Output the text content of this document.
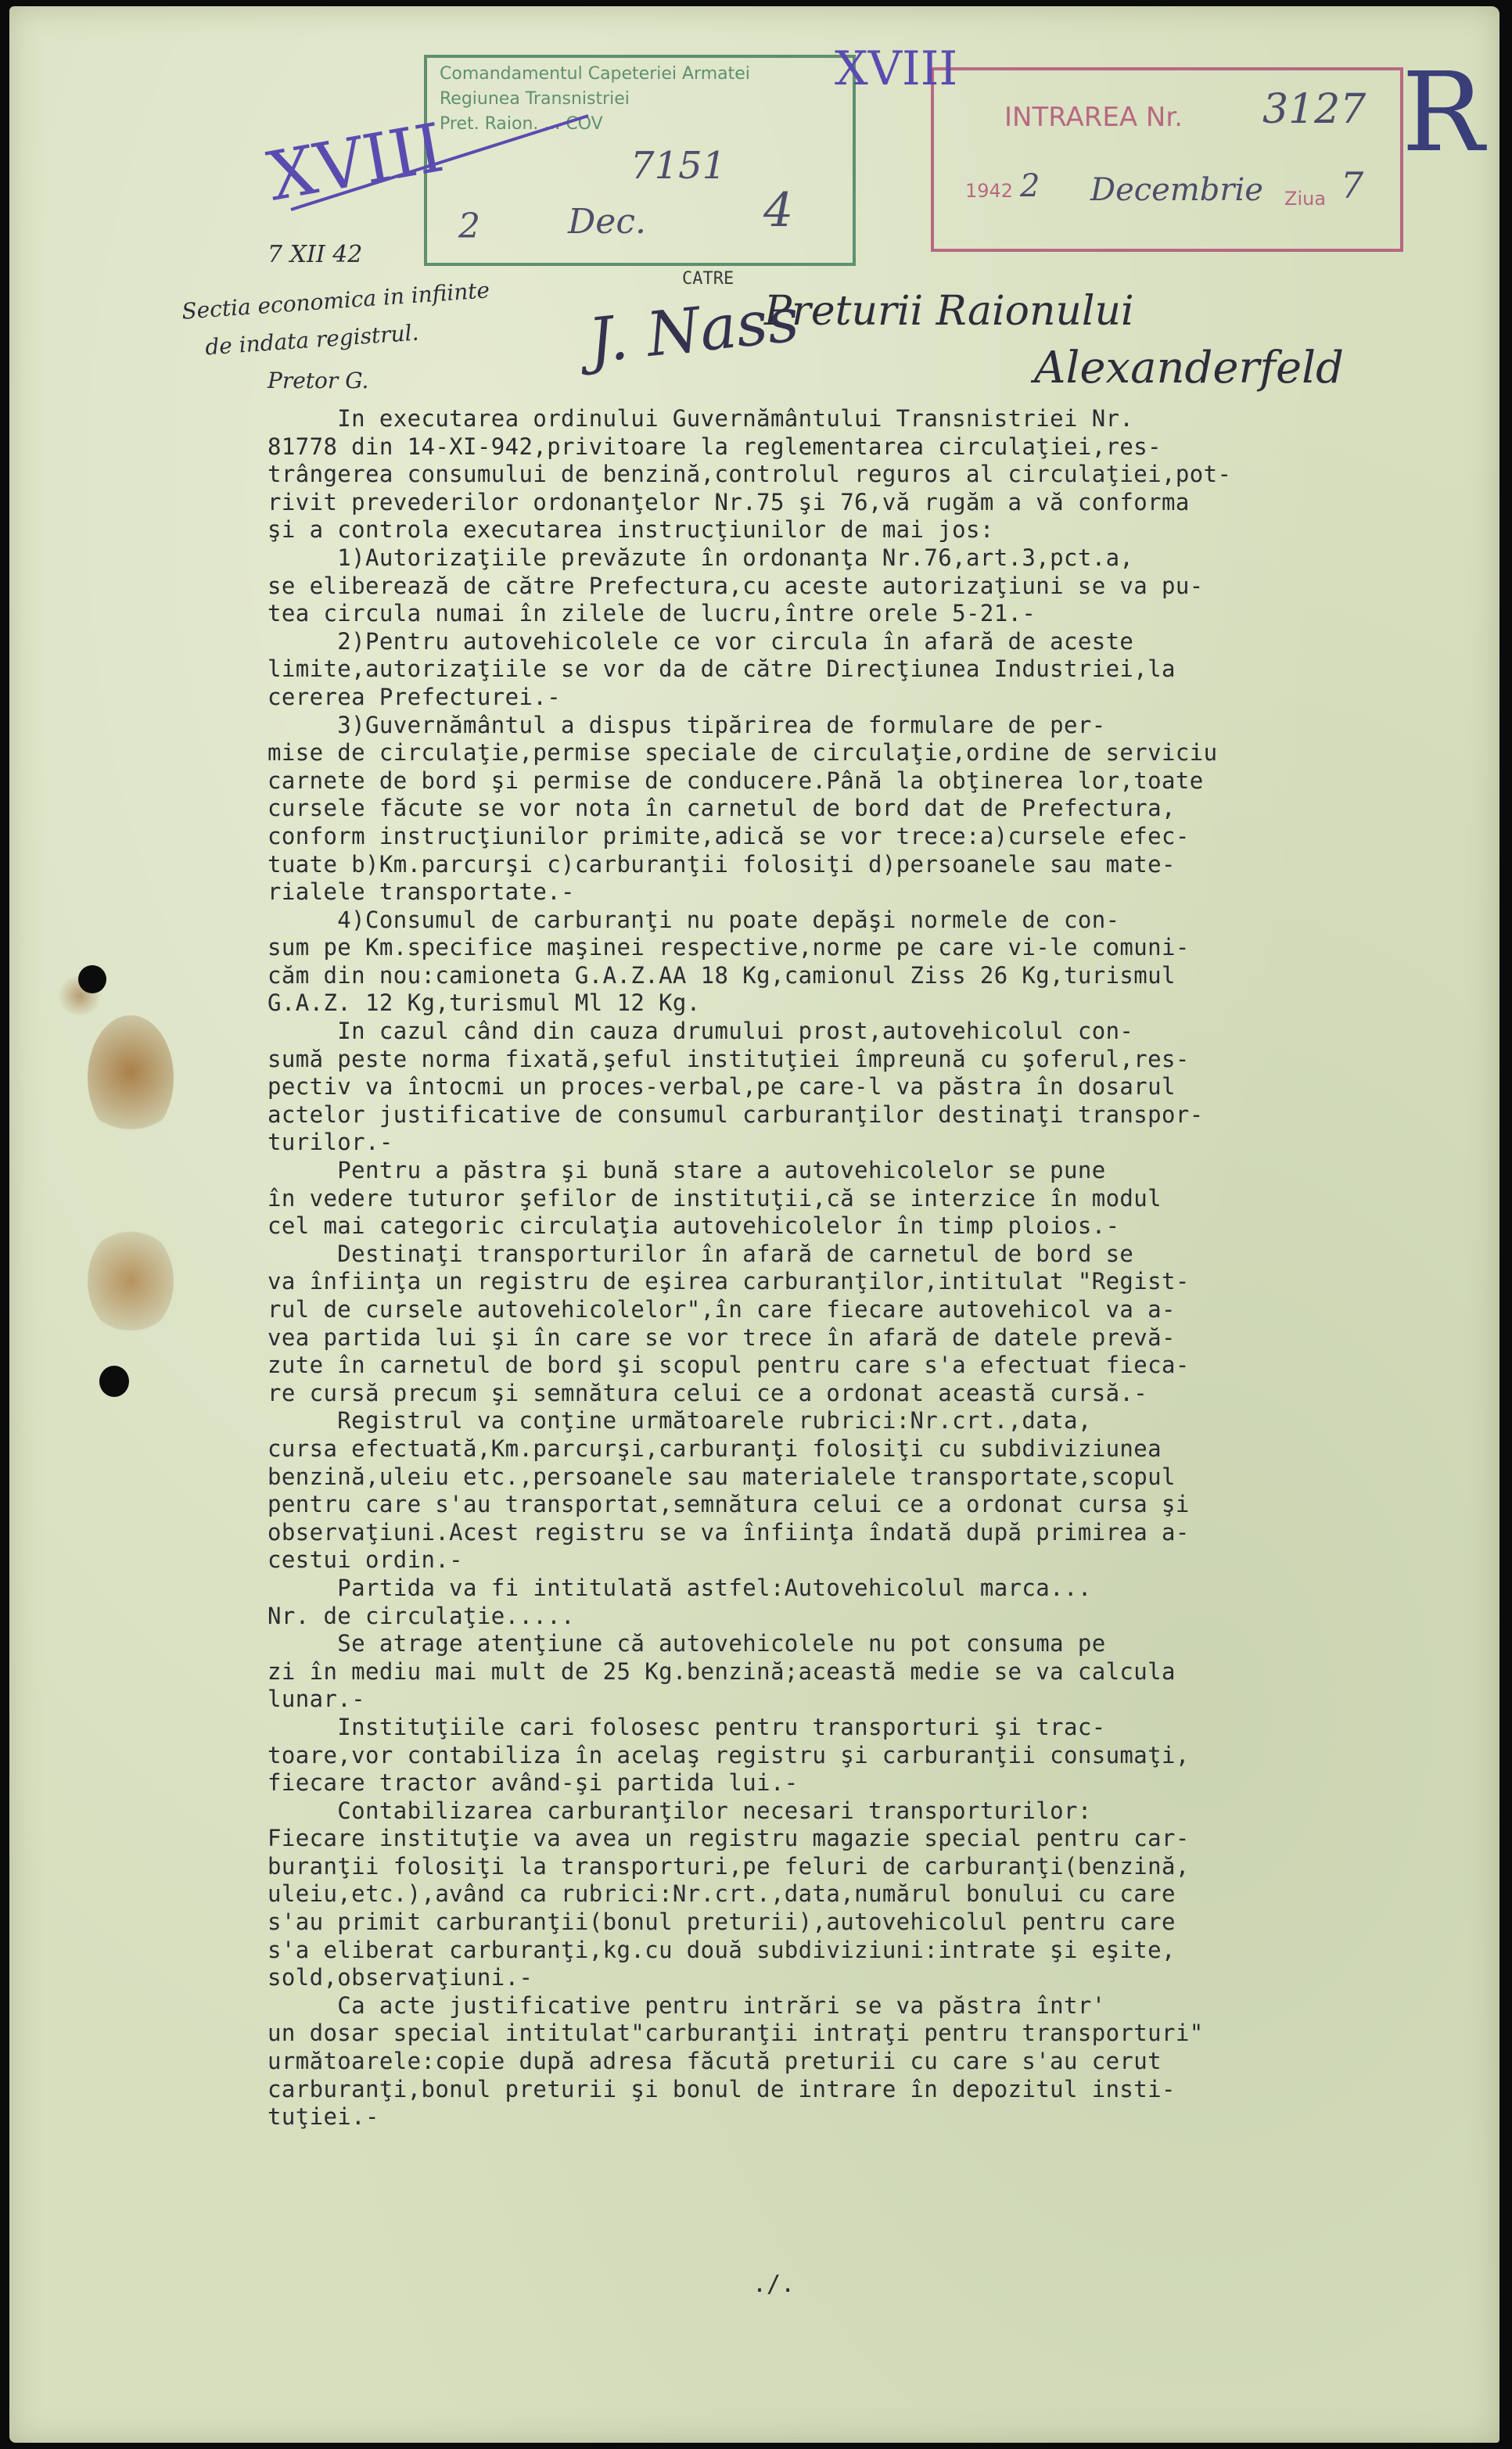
Comandamentul Capeteriei Armatei
Regiunea Transnistriei
Pret. Raion. ... COV
7151
2	Dec.	4
INTRAREA Nr. 3127
1942 2 Decembrie Ziua 7
XVIII
XVIII	R
7 XII 42
Sectia economica in infiinte
de indata registrul.
Pretor G.
CATRE
J. Nass
Preturii Raionului
Alexanderfeld

In executarea ordinului Guvernământului Transnistriei Nr.

81778 din 14-XI-942,privitoare la reglementarea circulaţiei,res-

trângerea consumului de benzină,controlul reguros al circulaţiei,pot-

rivit prevederilor ordonanţelor Nr.75 şi 76,vă rugăm a vă conforma

şi a controla executarea instrucţiunilor de mai jos:

1)Autorizaţiile prevăzute în ordonanţa Nr.76,art.3,pct.a,

se eliberează de către Prefectura,cu aceste autorizaţiuni se va pu-

tea circula numai în zilele de lucru,între orele 5-21.-

2)Pentru autovehicolele ce vor circula în afară de aceste

limite,autorizaţiile se vor da de către Direcţiunea Industriei,la

cererea Prefecturei.-

3)Guvernământul a dispus tipărirea de formulare de per-

mise de circulaţie,permise speciale de circulaţie,ordine de serviciu

carnete de bord şi permise de conducere.Până la obţinerea lor,toate

cursele făcute se vor nota în carnetul de bord dat de Prefectura,

conform instrucţiunilor primite,adică se vor trece:a)cursele efec-

tuate b)Km.parcurşi c)carburanţii folosiţi d)persoanele sau mate-

rialele transportate.-

4)Consumul de carburanţi nu poate depăşi normele de con-

sum pe Km.specifice maşinei respective,norme pe care vi-le comuni-

căm din nou:camioneta G.A.Z.AA 18 Kg,camionul Ziss 26 Kg,turismul

G.A.Z. 12 Kg,turismul Ml 12 Kg.

In cazul când din cauza drumului prost,autovehicolul con-

sumă peste norma fixată,şeful instituţiei împreună cu şoferul,res-

pectiv va întocmi un proces-verbal,pe care-l va păstra în dosarul

actelor justificative de consumul carburanţilor destinaţi transpor-

turilor.-

Pentru a păstra şi bună stare a autovehicolelor se pune

în vedere tuturor şefilor de instituţii,că se interzice în modul

cel mai categoric circulaţia autovehicolelor în timp ploios.-

Destinaţi transporturilor în afară de carnetul de bord se

va înfiinţa un registru de eşirea carburanţilor,intitulat "Regist-

rul de cursele autovehicolelor",în care fiecare autovehicol va a-

vea partida lui şi în care se vor trece în afară de datele prevă-

zute în carnetul de bord şi scopul pentru care s'a efectuat fieca-

re cursă precum şi semnătura celui ce a ordonat această cursă.-

Registrul va conţine următoarele rubrici:Nr.crt.,data,

cursa efectuată,Km.parcurşi,carburanţi folosiţi cu subdiviziunea

benzină,uleiu etc.,persoanele sau materialele transportate,scopul

pentru care s'au transportat,semnătura celui ce a ordonat cursa şi

observaţiuni.Acest registru se va înfiinţa îndată după primirea a-

cestui ordin.-

Partida va fi intitulată astfel:Autovehicolul marca...

Nr. de circulaţie.....

Se atrage atenţiune că autovehicolele nu pot consuma pe

zi în mediu mai mult de 25 Kg.benzină;această medie se va calcula

lunar.-

Instituţiile cari folosesc pentru transporturi şi trac-

toare,vor contabiliza în acelaş registru şi carburanţii consumaţi,

fiecare tractor având-şi partida lui.-

Contabilizarea carburanţilor necesari transporturilor:

Fiecare instituţie va avea un registru magazie special pentru car-

buranţii folosiţi la transporturi,pe feluri de carburanţi(benzină,

uleiu,etc.),având ca rubrici:Nr.crt.,data,numărul bonului cu care

s'au primit carburanţii(bonul preturii),autovehicolul pentru care

s'a eliberat carburanţi,kg.cu două subdiviziuni:intrate şi eşite,

sold,observaţiuni.-

Ca acte justificative pentru intrări se va păstra într'

un dosar special intitulat"carburanţii intraţi pentru transporturi"

următoarele:copie după adresa făcută preturii cu care s'au cerut

carburanţi,bonul preturii şi bonul de intrare în depozitul insti-

tuţiei.-

./.
